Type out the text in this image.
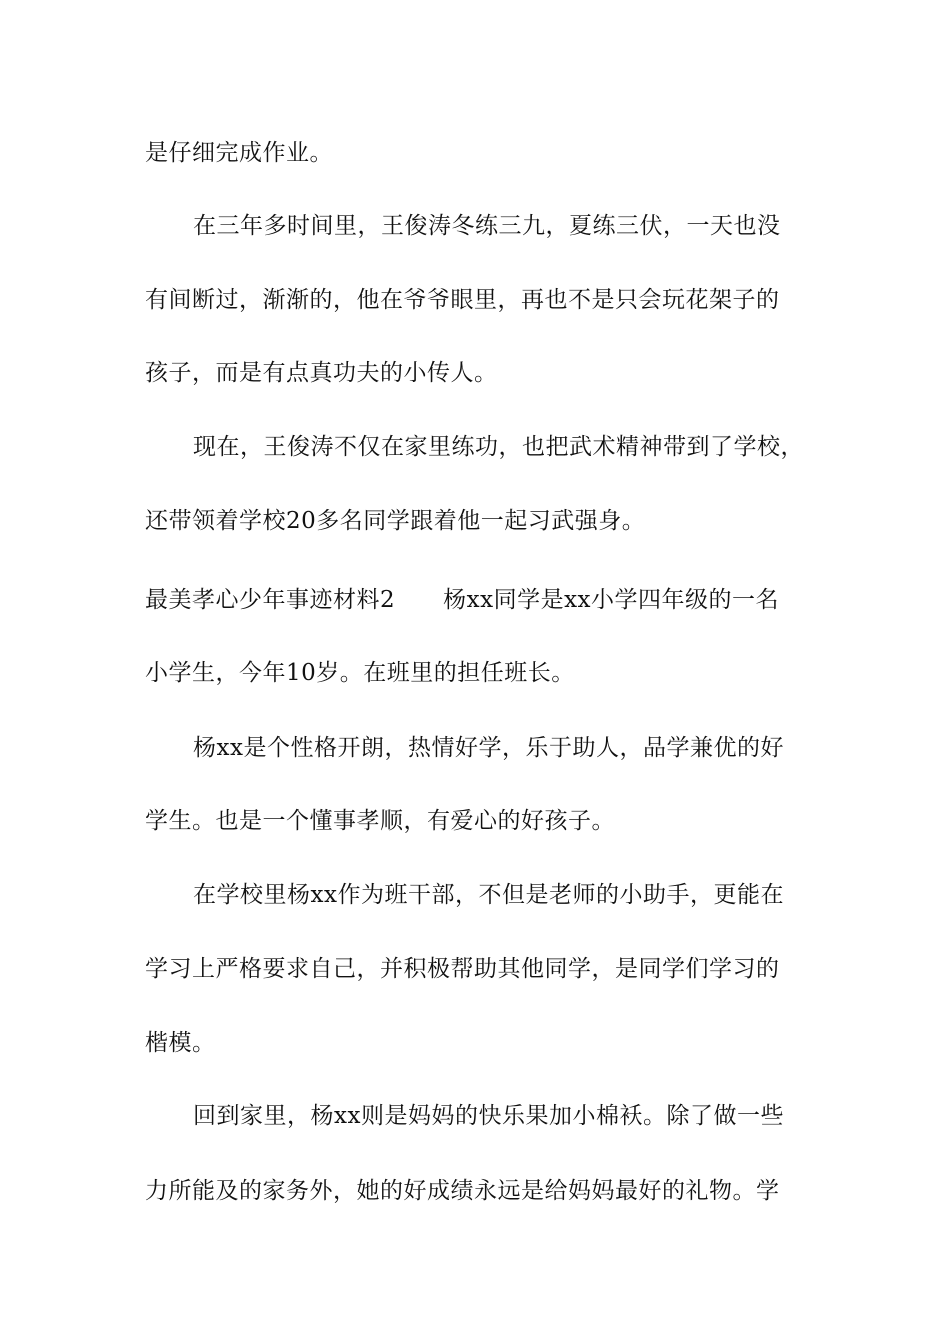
是仔细完成作业。
在三年多时间里，王俊涛冬练三九，夏练三伏，一天也没
有间断过，渐渐的，他在爷爷眼里，再也不是只会玩花架子的
孩子，而是有点真功夫的小传人。
现在，王俊涛不仅在家里练功，也把武术精神带到了学校，
还带领着学校20多名同学跟着他一起习武强身。
最美孝心少年事迹材料2 杨xx同学是xx小学四年级的一名
小学生，今年10岁。在班里的担任班长。
杨xx是个性格开朗，热情好学，乐于助人，品学兼优的好
学生。也是一个懂事孝顺，有爱心的好孩子。
在学校里杨xx作为班干部，不但是老师的小助手，更能在
学习上严格要求自己，并积极帮助其他同学，是同学们学习的
楷模。
回到家里，杨xx则是妈妈的快乐果加小棉袄。除了做一些
力所能及的家务外，她的好成绩永远是给妈妈最好的礼物。学
